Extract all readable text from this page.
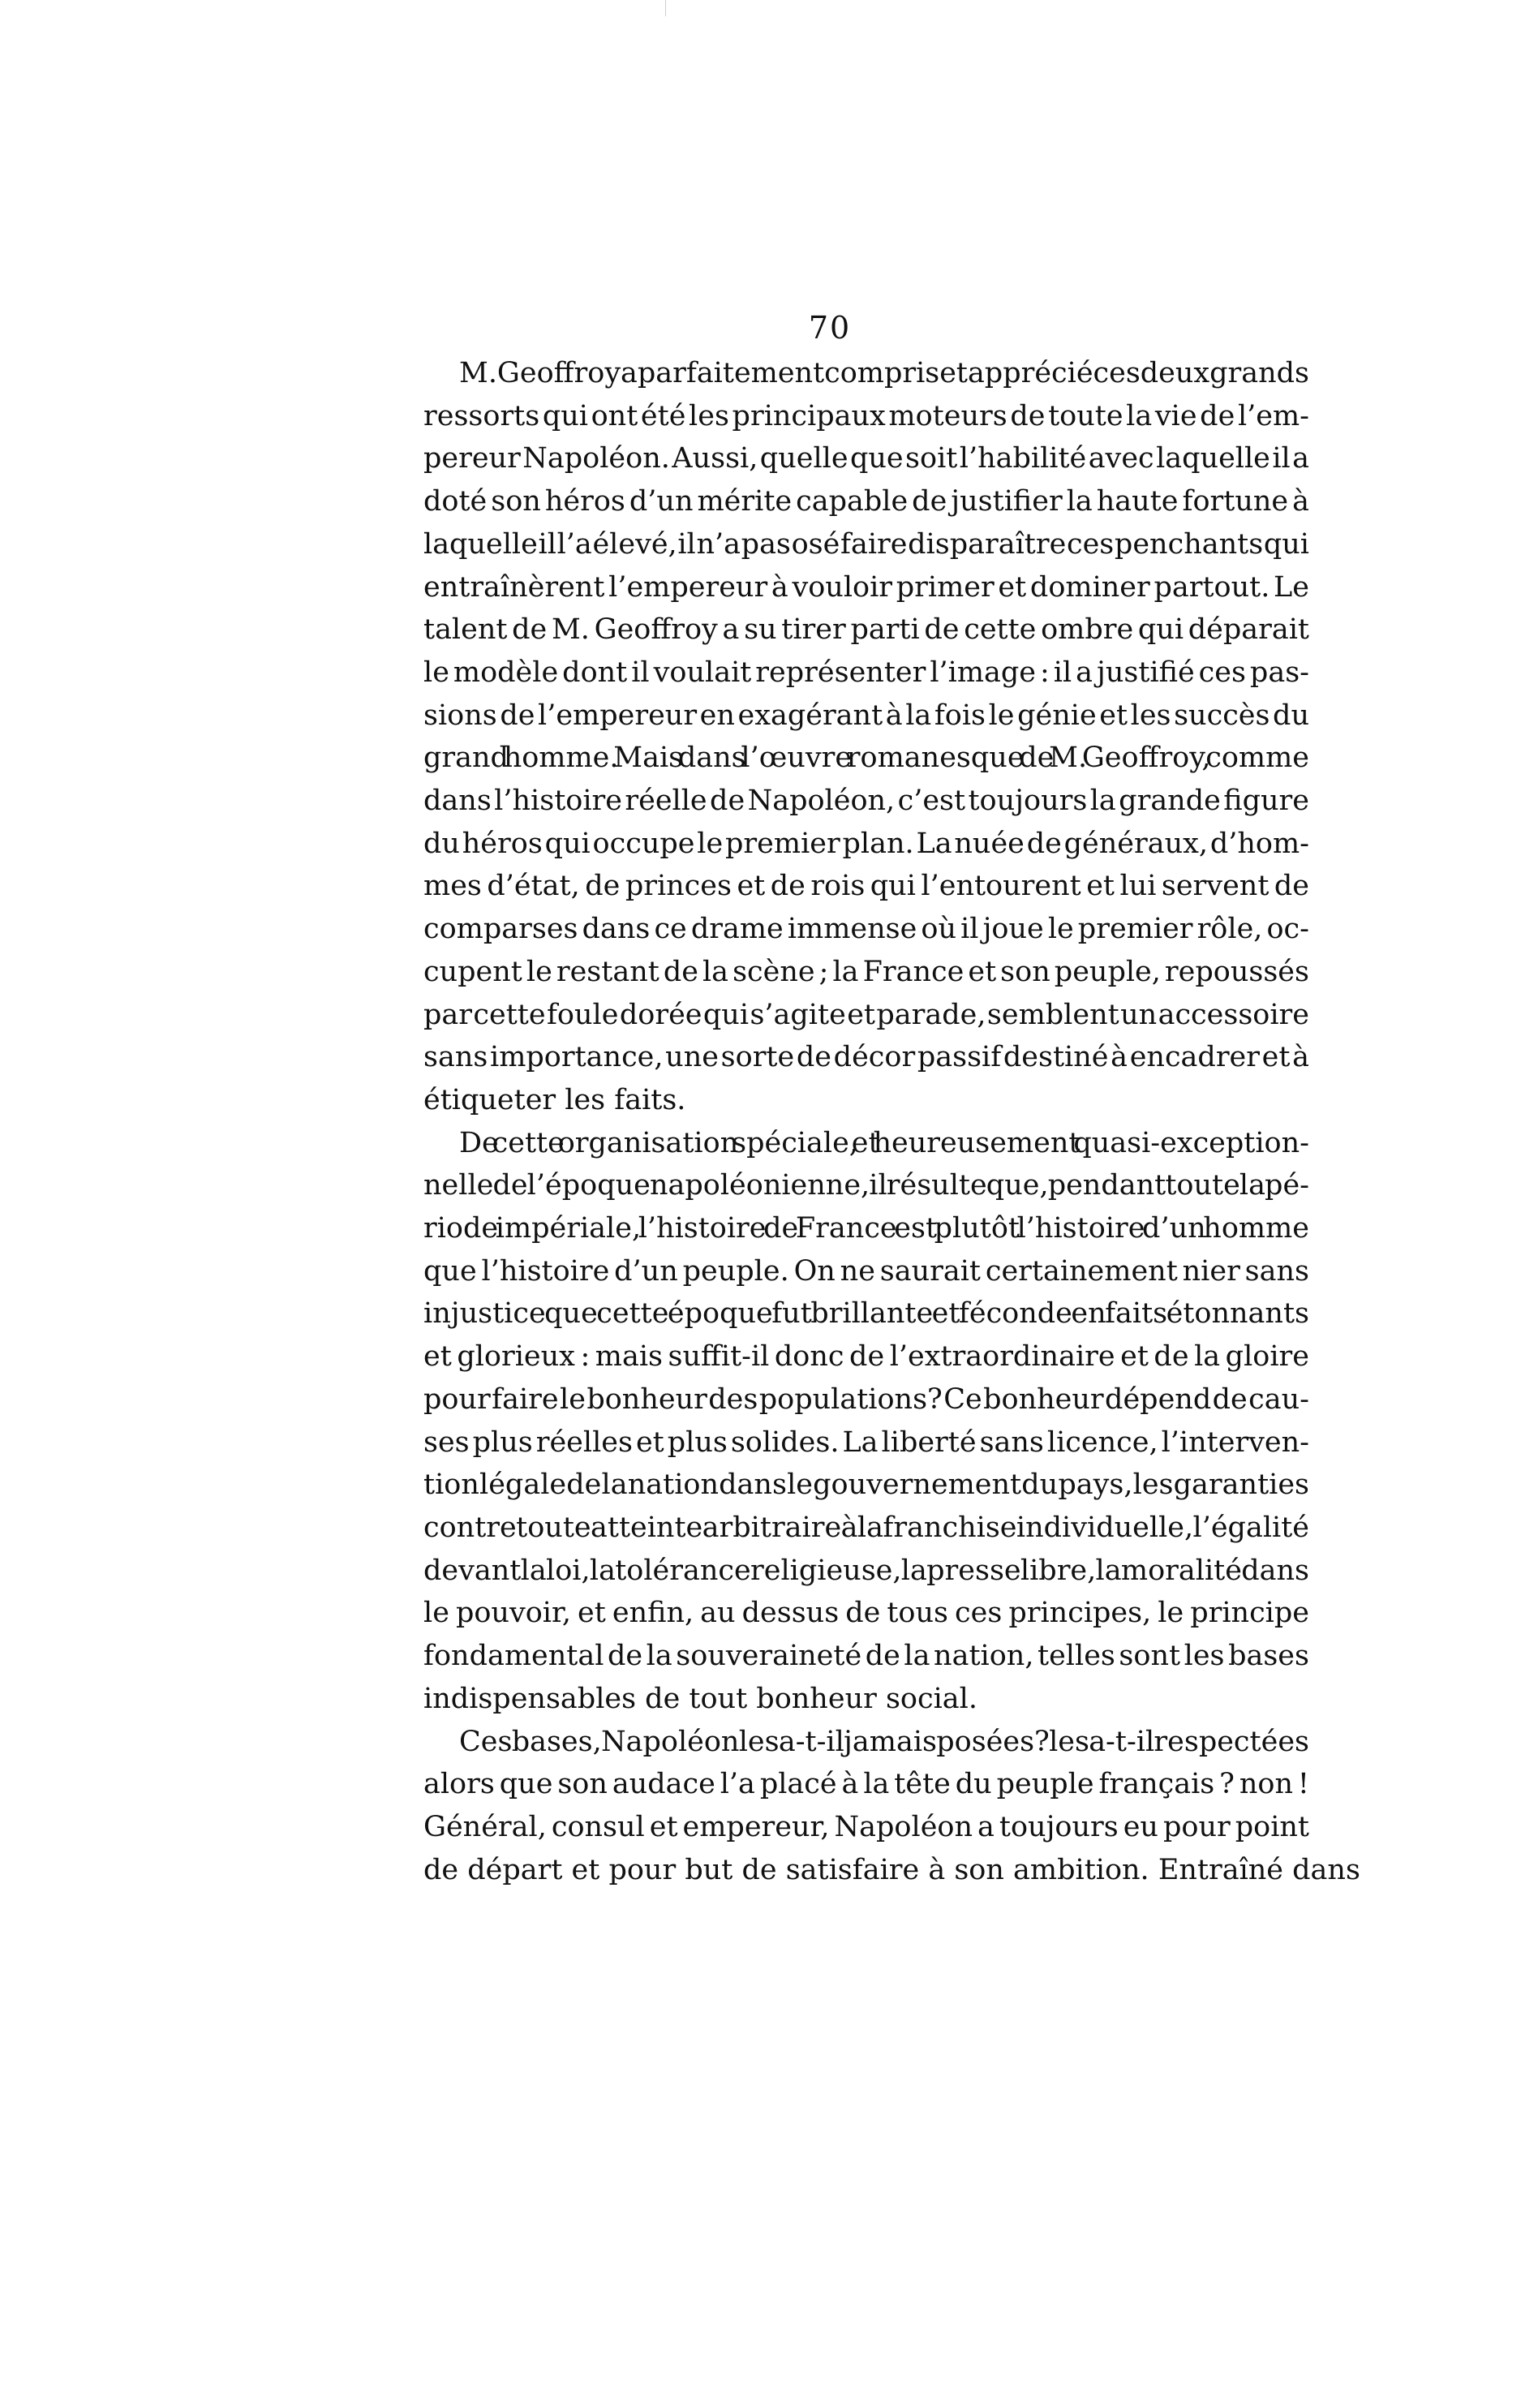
70

M. Geoffroy a parfaitement compris et apprécié ces deux grands
ressorts qui ont été les principaux moteurs de toute la vie de l’em-
pereur Napoléon. Aussi, quelle que soit l’habilité avec laquelle il a
doté son héros d’un mérite capable de justifier la haute fortune à
laquelle il l’a élevé, il n’a pas osé faire disparaître ces penchants qui
entraînèrent l’empereur à vouloir primer et dominer partout. Le
talent de M. Geoffroy a su tirer parti de cette ombre qui déparait
le modèle dont il voulait représenter l’image : il a justifié ces pas-
sions de l’empereur en exagérant à la fois le génie et les succès du
grand homme. Mais dans l’œuvre romanesque de M. Geoffroy, comme
dans l’histoire réelle de Napoléon, c’est toujours la grande figure
du héros qui occupe le premier plan. La nuée de généraux, d’hom-
mes d’état, de princes et de rois qui l’entourent et lui servent de
comparses dans ce drame immense où il joue le premier rôle, oc-
cupent le restant de la scène ; la France et son peuple, repoussés
par cette foule dorée qui s’agite et parade, semblent un accessoire
sans importance, une sorte de décor passif destiné à encadrer et à
étiqueter les faits.

De cette organisation spéciale, et heureusement quasi-exception-
nelle de l’époque napoléonienne, il résulte que, pendant toute la pé-
riode impériale, l’histoire de France est plutôt l’histoire d’un homme
que l’histoire d’un peuple. On ne saurait certainement nier sans
injustice que cette époque fut brillante et féconde en faits étonnants
et glorieux : mais suffit-il donc de l’extraordinaire et de la gloire
pour faire le bonheur des populations? Ce bonheur dépend de cau-
ses plus réelles et plus solides. La liberté sans licence, l’interven-
tion légale de la nation dans le gouvernement du pays, les garanties
contre toute atteinte arbitraire à la franchise individuelle, l’égalité
devant la loi, la tolérance religieuse, la presse libre, la moralité dans
le pouvoir, et enfin, au dessus de tous ces principes, le principe
fondamental de la souveraineté de la nation, telles sont les bases
indispensables de tout bonheur social.

Ces bases, Napoléon les a-t-il jamais posées? les a-t-il respectées
alors que son audace l’a placé à la tête du peuple français ? non !
Général, consul et empereur, Napoléon a toujours eu pour point
de départ et pour but de satisfaire à son ambition. Entraîné dans
